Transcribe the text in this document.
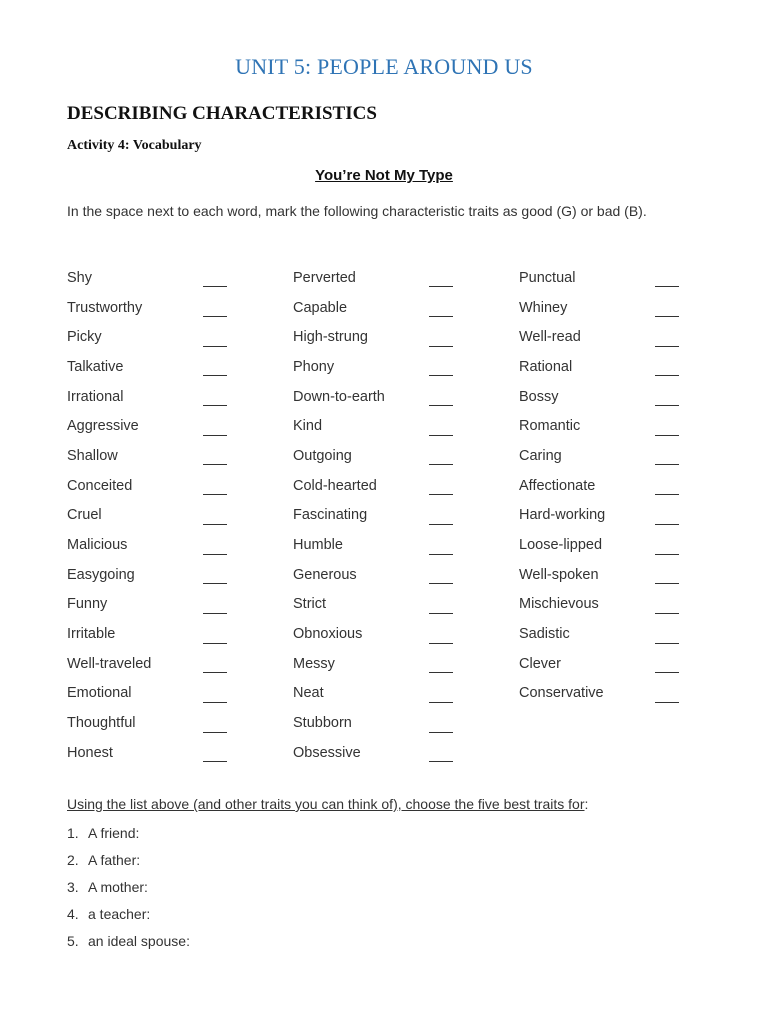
UNIT 5: PEOPLE AROUND US
DESCRIBING CHARACTERISTICS

Activity 4: Vocabulary

You’re Not My Type

In the space next to each word, mark the following characteristic traits as good (G) or bad (B).

Shy
Trustworthy
Picky
Talkative
Irrational
Aggressive
Shallow
Conceited
Cruel
Malicious
Easygoing
Funny
Irritable
Well-traveled
Emotional
Thoughtful
Honest
Perverted
Capable
High-strung
Phony
Down-to-earth
Kind
Outgoing
Cold-hearted
Fascinating
Humble
Generous
Strict
Obnoxious
Messy
Neat
Stubborn
Obsessive
Punctual
Whiney
Well-read
Rational
Bossy
Romantic
Caring
Affectionate
Hard-working
Loose-lipped
Well-spoken
Mischievous
Sadistic
Clever
Conservative

Using the list above (and other traits you can think of), choose the five best traits for:

1. A friend:
2. A father:
3. A mother:
4. a teacher:
5. an ideal spouse:
